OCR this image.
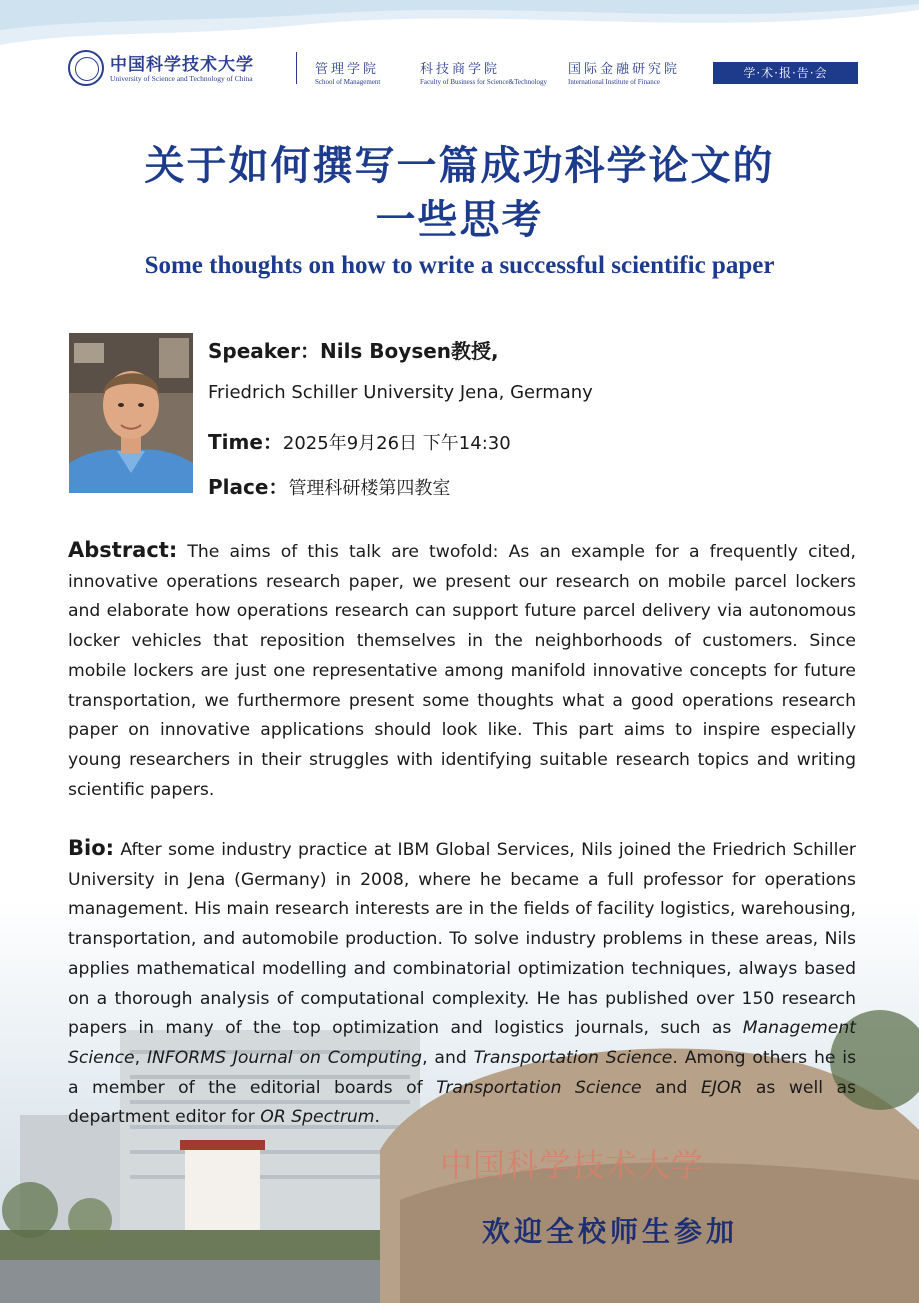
中国科学技术大学
University of Science and Technology of China
管理学院
School of Management
科技商学院
Faculty of Business for Science&Technology
国际金融研究院
International Institute of Finance
学·术·报·告·会
关于如何撰写一篇成功科学论文的
一些思考
Some thoughts on how to write a successful scientific paper
Speaker：Nils Boysen教授,
Friedrich Schiller University Jena, Germany
Time：2025年9月26日 下午14:30
Place：管理科研楼第四教室
中国科学技术大学
欢迎全校师生参加
Abstract: The aims of this talk are twofold: As an example for a frequently cited, innovative operations research paper, we present our research on mobile parcel lockers and elaborate how operations research can support future parcel delivery via autonomous locker vehicles that reposition themselves in the neighborhoods of customers. Since mobile lockers are just one representative among manifold innovative concepts for future transportation, we furthermore present some thoughts what a good operations research paper on innovative applications should look like. This part aims to inspire especially young researchers in their struggles with identifying suitable research topics and writing scientific papers.
Bio: After some industry practice at IBM Global Services, Nils joined the Friedrich Schiller University in Jena (Germany) in 2008, where he became a full professor for operations management. His main research interests are in the fields of facility logistics, warehousing, transportation, and automobile production. To solve industry problems in these areas, Nils applies mathematical modelling and combinatorial optimization techniques, always based on a thorough analysis of computational complexity. He has published over 150 research papers in many of the top optimization and logistics journals, such as Management Science, INFORMS Journal on Computing, and Transportation Science. Among others he is a member of the editorial boards of Transportation Science and EJOR as well as department editor for OR Spectrum.
